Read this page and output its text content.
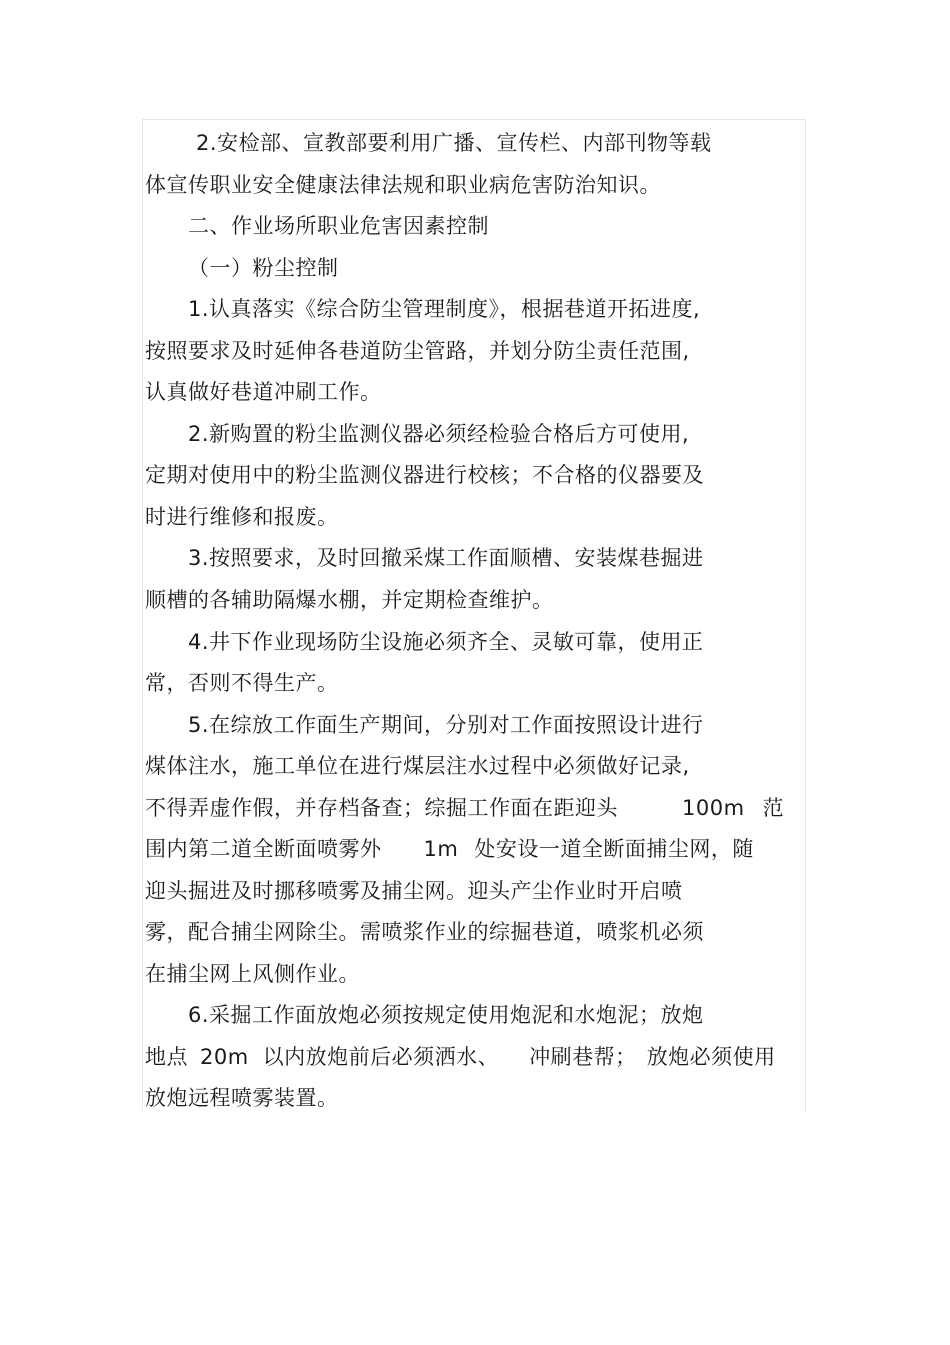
2.安检部、宣教部要利用广播、宣传栏、内部刊物等载
体宣传职业安全健康法律法规和职业病危害防治知识。
二、作业场所职业危害因素控制
（一）粉尘控制
1.认真落实《综合防尘管理制度》，根据巷道开拓进度,
按照要求及时延伸各巷道防尘管路，并划分防尘责任范围,
认真做好巷道冲刷工作。
2.新购置的粉尘监测仪器必须经检验合格后方可使用,
定期对使用中的粉尘监测仪器进行校核；不合格的仪器要及
时进行维修和报废。
3.按照要求，及时回撤采煤工作面顺槽、安装煤巷掘进
顺槽的各辅助隔爆水棚，并定期检查维护。
4.井下作业现场防尘设施必须齐全、灵敏可靠，使用正
常，否则不得生产。
5.在综放工作面生产期间，分别对工作面按照设计进行
煤体注水，施工单位在进行煤层注水过程中必须做好记录,
不得弄虚作假，并存档备查；综掘工作面在距迎头	100m 范
围内第二道全断面喷雾外 1m 处安设一道全断面捕尘网，随
迎头掘进及时挪移喷雾及捕尘网。迎头产尘作业时开启喷
雾，配合捕尘网除尘。需喷浆作业的综掘巷道，喷浆机必须
在捕尘网上风侧作业。
6.采掘工作面放炮必须按规定使用炮泥和水炮泥；放炮
地点 20m 以内放炮前后必须洒水、 冲刷巷帮； 放炮必须使用
放炮远程喷雾装置。
